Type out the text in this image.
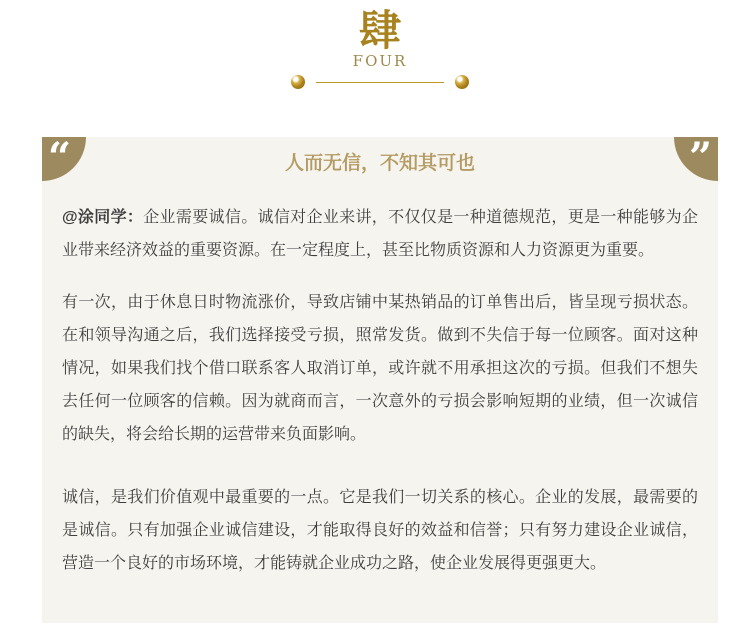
肆
FOUR
“	”
人而无信，不知其可也

@涂同学：企业需要诚信。诚信对企业来讲，不仅仅是一种道德规范，更是一种能够为企业带来经济效益的重要资源。在一定程度上，甚至比物质资源和人力资源更为重要。

有一次，由于休息日时物流涨价，导致店铺中某热销品的订单售出后，皆呈现亏损状态。在和领导沟通之后，我们选择接受亏损，照常发货。做到不失信于每一位顾客。面对这种情况，如果我们找个借口联系客人取消订单，或许就不用承担这次的亏损。但我们不想失去任何一位顾客的信赖。因为就商而言，一次意外的亏损会影响短期的业绩，但一次诚信的缺失，将会给长期的运营带来负面影响。

诚信，是我们价值观中最重要的一点。它是我们一切关系的核心。企业的发展，最需要的是诚信。只有加强企业诚信建设，才能取得良好的效益和信誉；只有努力建设企业诚信，营造一个良好的市场环境，才能铸就企业成功之路，使企业发展得更强更大。
